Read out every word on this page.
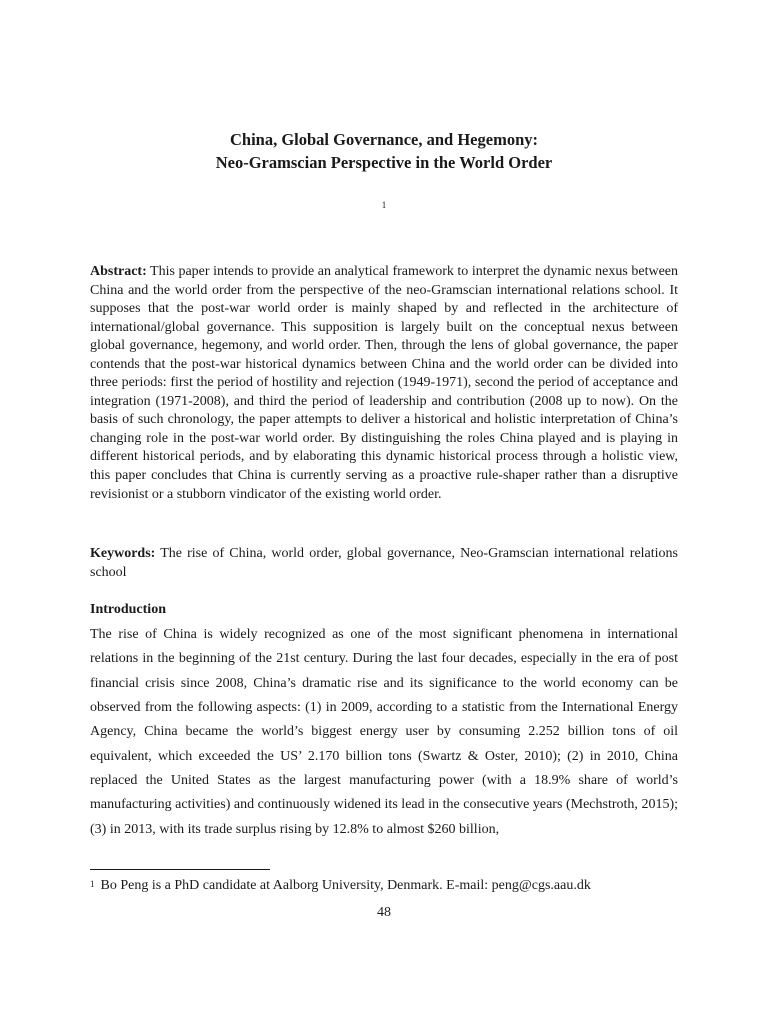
China, Global Governance, and Hegemony:
Neo-Gramscian Perspective in the World Order
1
Abstract: This paper intends to provide an analytical framework to interpret the dynamic nexus between China and the world order from the perspective of the neo-Gramscian international relations school. It supposes that the post-war world order is mainly shaped by and reflected in the architecture of international/global governance. This supposition is largely built on the conceptual nexus between global governance, hegemony, and world order. Then, through the lens of global governance, the paper contends that the post-war historical dynamics between China and the world order can be divided into three periods: first the period of hostility and rejection (1949-1971), second the period of acceptance and integration (1971-2008), and third the period of leadership and contribution (2008 up to now). On the basis of such chronology, the paper attempts to deliver a historical and holistic interpretation of China’s changing role in the post-war world order. By distinguishing the roles China played and is playing in different historical periods, and by elaborating this dynamic historical process through a holistic view, this paper concludes that China is currently serving as a proactive rule-shaper rather than a disruptive revisionist or a stubborn vindicator of the existing world order.
Keywords: The rise of China, world order, global governance, Neo-Gramscian international relations school
Introduction
The rise of China is widely recognized as one of the most significant phenomena in international relations in the beginning of the 21st century. During the last four decades, especially in the era of post financial crisis since 2008, China’s dramatic rise and its significance to the world economy can be observed from the following aspects: (1) in 2009, according to a statistic from the International Energy Agency, China became the world’s biggest energy user by consuming 2.252 billion tons of oil equivalent, which exceeded the US’ 2.170 billion tons (Swartz & Oster, 2010); (2) in 2010, China replaced the United States as the largest manufacturing power (with a 18.9% share of world’s manufacturing activities) and continuously widened its lead in the consecutive years (Mechstroth, 2015); (3) in 2013, with its trade surplus rising by 12.8% to almost $260 billion,
$^1$ Bo Peng is a PhD candidate at Aalborg University, Denmark. E-mail: peng@cgs.aau.dk
48
